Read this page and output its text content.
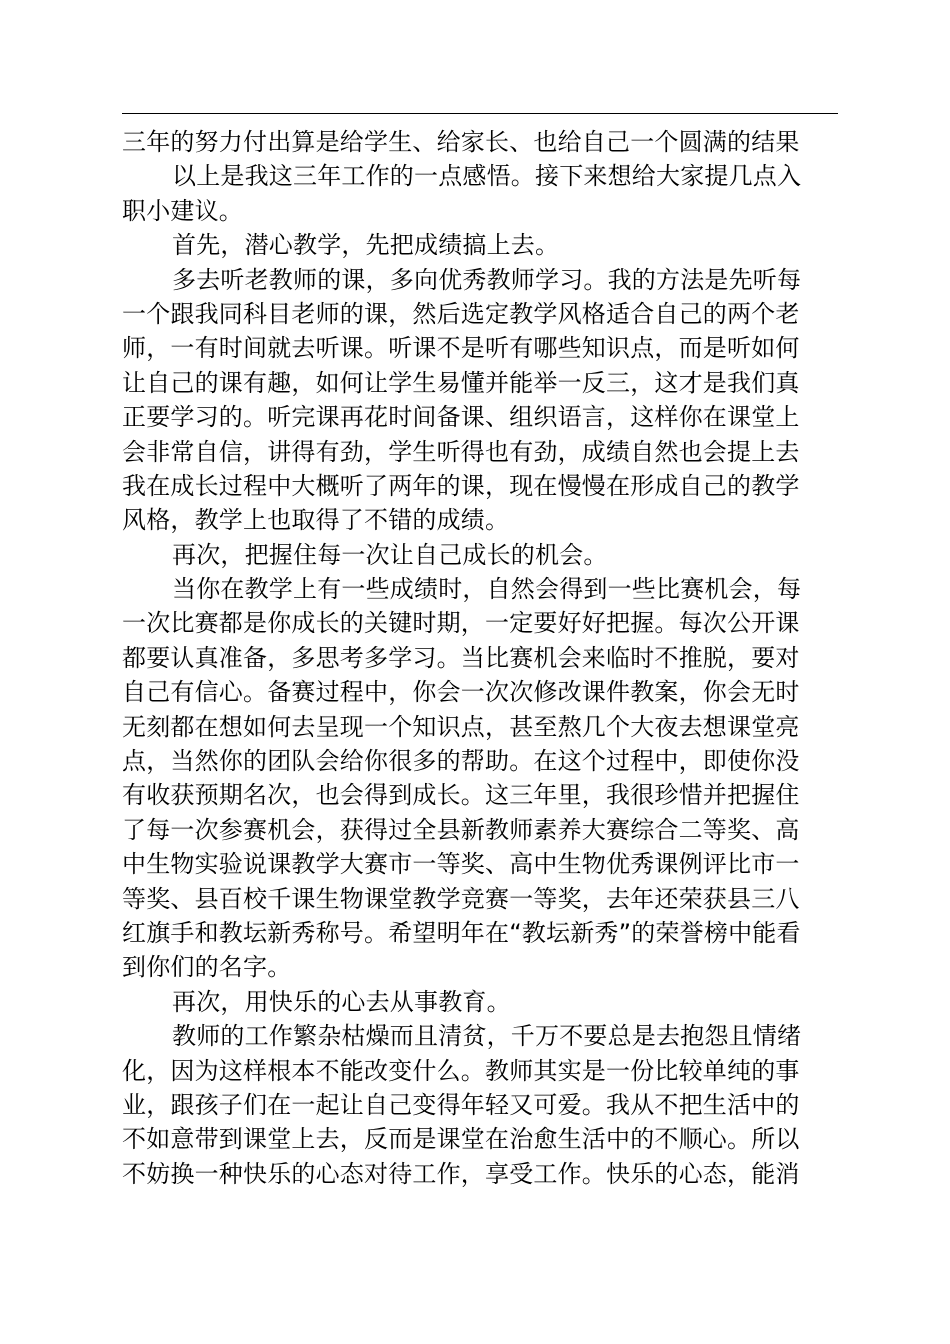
三年的努力付出算是给学生、给家长、也给自己一个圆满的结果
以上是我这三年工作的一点感悟。接下来想给大家提几点入
职小建议。
首先，潜心教学，先把成绩搞上去。
多去听老教师的课，多向优秀教师学习。我的方法是先听每
一个跟我同科目老师的课，然后选定教学风格适合自己的两个老
师，一有时间就去听课。听课不是听有哪些知识点，而是听如何
让自己的课有趣，如何让学生易懂并能举一反三，这才是我们真
正要学习的。听完课再花时间备课、组织语言，这样你在课堂上
会非常自信，讲得有劲，学生听得也有劲，成绩自然也会提上去
我在成长过程中大概听了两年的课，现在慢慢在形成自己的教学
风格，教学上也取得了不错的成绩。
再次，把握住每一次让自己成长的机会。
当你在教学上有一些成绩时，自然会得到一些比赛机会，每
一次比赛都是你成长的关键时期，一定要好好把握。每次公开课
都要认真准备，多思考多学习。当比赛机会来临时不推脱，要对
自己有信心。备赛过程中，你会一次次修改课件教案，你会无时
无刻都在想如何去呈现一个知识点，甚至熬几个大夜去想课堂亮
点，当然你的团队会给你很多的帮助。在这个过程中，即使你没
有收获预期名次，也会得到成长。这三年里，我很珍惜并把握住
了每一次参赛机会，获得过全县新教师素养大赛综合二等奖、高
中生物实验说课教学大赛市一等奖、高中生物优秀课例评比市一
等奖、县百校千课生物课堂教学竞赛一等奖，去年还荣获县三八
红旗手和教坛新秀称号。希望明年在“教坛新秀”的荣誉榜中能看
到你们的名字。
再次，用快乐的心去从事教育。
教师的工作繁杂枯燥而且清贫，千万不要总是去抱怨且情绪
化，因为这样根本不能改变什么。教师其实是一份比较单纯的事
业，跟孩子们在一起让自己变得年轻又可爱。我从不把生活中的
不如意带到课堂上去，反而是课堂在治愈生活中的不顺心。所以
不妨换一种快乐的心态对待工作，享受工作。快乐的心态，能消
